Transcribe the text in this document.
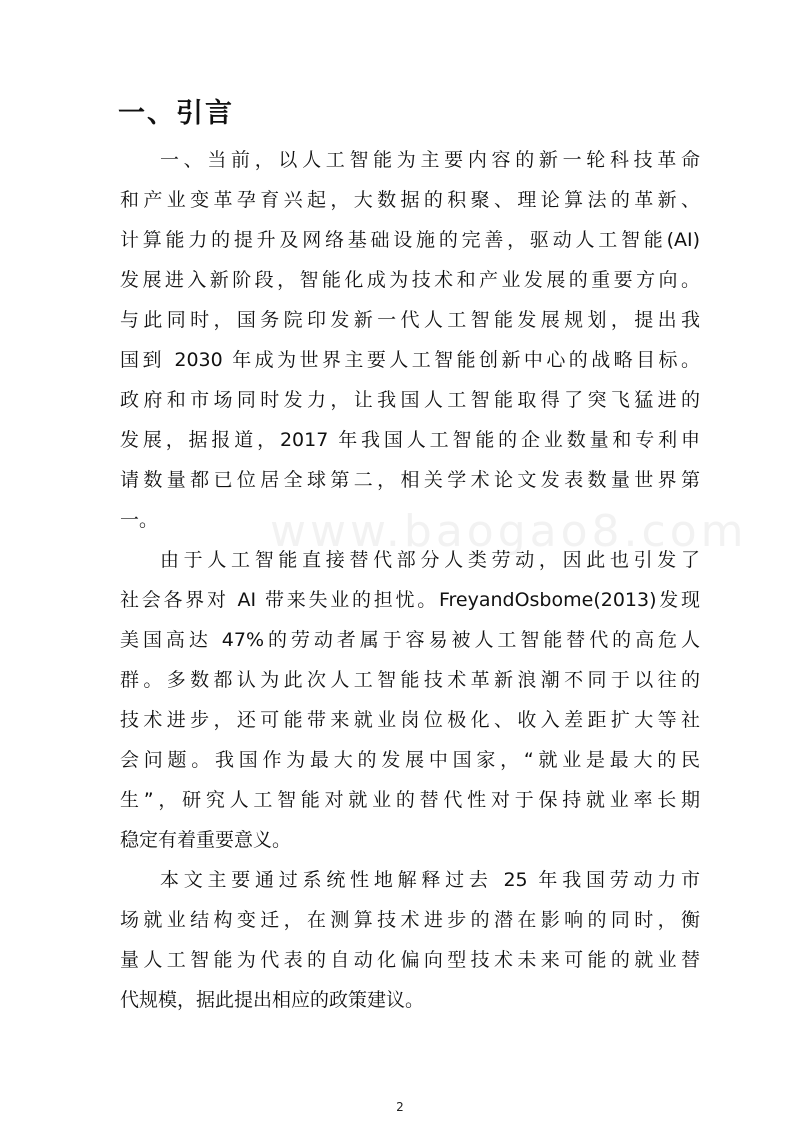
www.baogao8.com
一、引言
一、当前，以人工智能为主要内容的新一轮科技革命
和产业变革孕育兴起，大数据的积聚、理论算法的革新、
计算能力的提升及网络基础设施的完善，驱动人工智能(AI)
发展进入新阶段，智能化成为技术和产业发展的重要方向。
与此同时，国务院印发新一代人工智能发展规划，提出我
国到 2030 年成为世界主要人工智能创新中心的战略目标。
政府和市场同时发力，让我国人工智能取得了突飞猛进的
发展，据报道，2017 年我国人工智能的企业数量和专利申
请数量都已位居全球第二，相关学术论文发表数量世界第
一。
由于人工智能直接替代部分人类劳动，因此也引发了
社会各界对 AI 带来失业的担忧。FreyandOsbome(2013)发现
美国高达 47%的劳动者属于容易被人工智能替代的高危人
群。多数都认为此次人工智能技术革新浪潮不同于以往的
技术进步，还可能带来就业岗位极化、收入差距扩大等社
会问题。我国作为最大的发展中国家，“就业是最大的民
生”，研究人工智能对就业的替代性对于保持就业率长期
稳定有着重要意义。
本文主要通过系统性地解释过去 25 年我国劳动力市
场就业结构变迁，在测算技术进步的潜在影响的同时，衡
量人工智能为代表的自动化偏向型技术未来可能的就业替
代规模，据此提出相应的政策建议。
2
